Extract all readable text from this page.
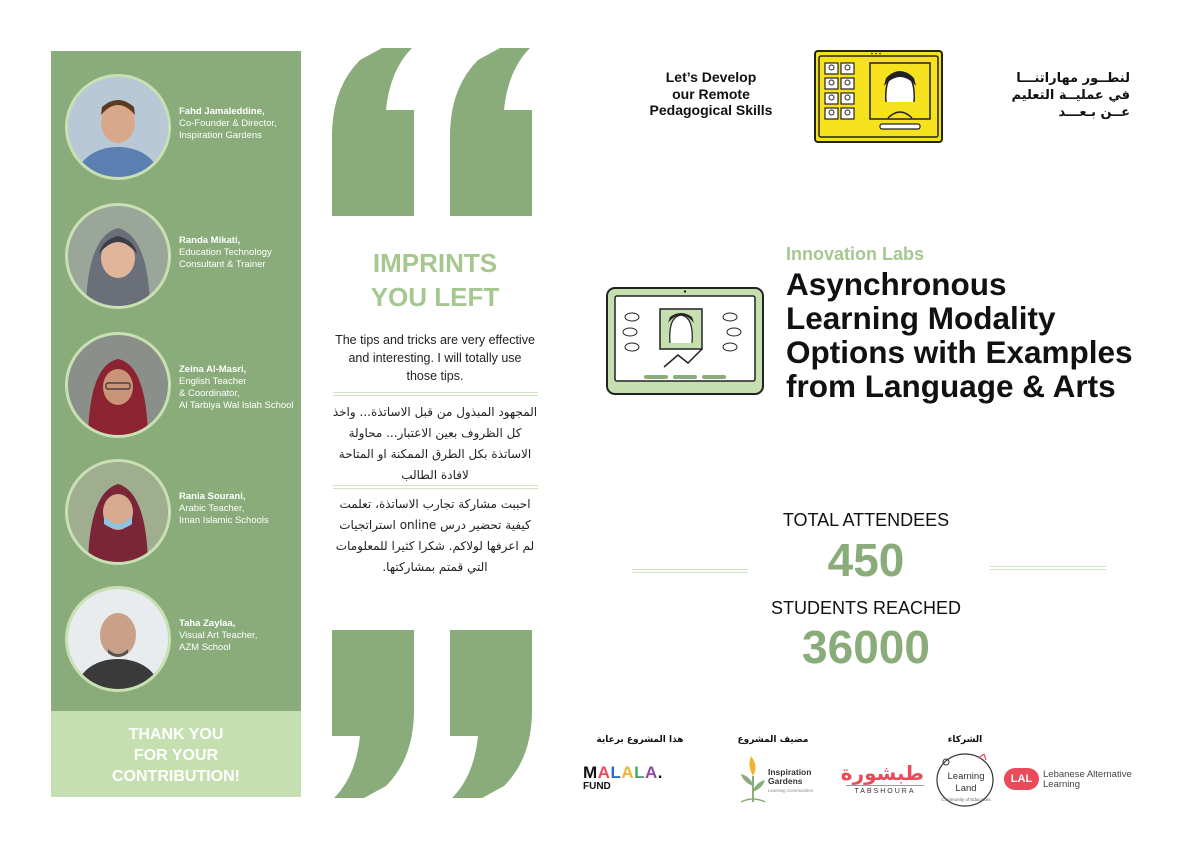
Fahd Jamaleddine,
Co-Founder & Director,
Inspiration Gardens
Randa Mikati,
Education Technology
Consultant & Trainer
Zeina Al-Masri,
English Teacher
& Coordinator,
Al Tarbiya Wal Islah School
Rania Sourani,
Arabic Teacher,
Iman Islamic Schools
Taha Zaylaa,
Visual Art Teacher,
AZM School
THANK YOU
FOR YOUR
CONTRIBUTION!
IMPRINTS
YOU LEFT
The tips and tricks are very effective and interesting. I will totally use those tips.
المجهود المبذول من قبل الاساتذة... واخذ كل الظروف بعين الاعتبار... محاولة الاساتذة بكل الطرق الممكنة او المتاحة لافادة الطالب
احببت مشاركة تجارب الاساتذة، تعلمت كيفية تحضير درس online استراتجيات لم اعرفها لولاكم. شكرا كثيرا للمعلومات التي قمتم بمشاركتها.
Let’s Develop
our Remote
Pedagogical Skills
لنطــور مهاراتنـــا
في عمليــة التعليم
عــن بـعـــد
Innovation Labs
Asynchronous Learning Modality Options with Examples from Language & Arts
TOTAL ATTENDEES
450
STUDENTS REACHED
36000
هذا المشروع برعاية	مضيف المشروع	الشركاء
MALALA.
FUND
Inspiration
Gardens
Learning Communities
طبشورة
TABSHOURA
Learning
Land
Community of Educators
LAL	Lebanese Alternative
Learning
